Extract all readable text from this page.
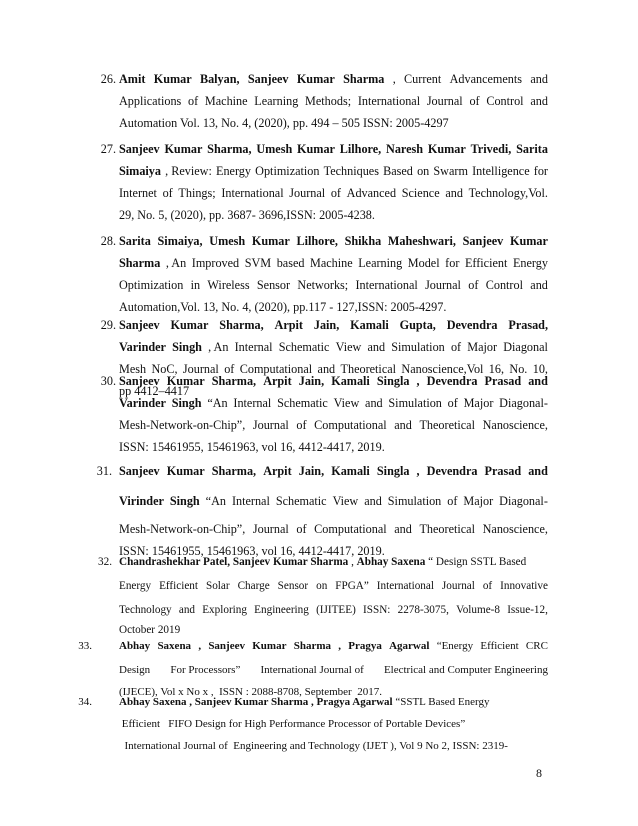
26. Amit Kumar Balyan, Sanjeev Kumar Sharma , Current Advancements and
Applications of Machine Learning Methods; International Journal of Control and
Automation Vol. 13, No. 4, (2020), pp. 494 – 505 ISSN: 2005-4297
27. Sanjeev Kumar Sharma, Umesh Kumar Lilhore, Naresh Kumar Trivedi, Sarita
Simaiya , Review: Energy Optimization Techniques Based on Swarm Intelligence for
Internet of Things; International Journal of Advanced Science and Technology,Vol.
29, No. 5, (2020), pp. 3687- 3696,ISSN: 2005-4238.
28. Sarita Simaiya, Umesh Kumar Lilhore, Shikha Maheshwari, Sanjeev Kumar
Sharma , An Improved SVM based Machine Learning Model for Efficient Energy
Optimization in Wireless Sensor Networks; International Journal of Control and
Automation,Vol. 13, No. 4, (2020), pp.117 - 127,ISSN: 2005-4297.
29. Sanjeev Kumar Sharma, Arpit Jain, Kamali Gupta, Devendra Prasad,
Varinder Singh , An Internal Schematic View and Simulation of Major Diagonal
Mesh NoC, Journal of Computational and Theoretical Nanoscience,Vol 16, No. 10,
pp 4412–4417
30. Sanjeev Kumar Sharma, Arpit Jain, Kamali Singla , Devendra Prasad and
Varinder Singh “An Internal Schematic View and Simulation of Major Diagonal-
Mesh-Network-on-Chip”, Journal of Computational and Theoretical Nanoscience,
ISSN: 15461955, 15461963, vol 16, 4412-4417, 2019.
31. Sanjeev Kumar Sharma, Arpit Jain, Kamali Singla , Devendra Prasad and
Virinder Singh “An Internal Schematic View and Simulation of Major Diagonal-
Mesh-Network-on-Chip”, Journal of Computational and Theoretical Nanoscience,
ISSN: 15461955, 15461963, vol 16, 4412-4417, 2019.
32. Chandrashekhar Patel, Sanjeev Kumar Sharma , Abhay Saxena “ Design SSTL Based
Energy Efficient Solar Charge Sensor on FPGA” International Journal of Innovative
Technology and Exploring Engineering (IJITEE) ISSN: 2278-3075, Volume-8 Issue-12,
October 2019
33. Abhay Saxena , Sanjeev Kumar Sharma , Pragya Agarwal “Energy Efficient CRC
Design For Processors” International Journal of Electrical and Computer Engineering
(IJECE), Vol x No x ,  ISSN : 2088-8708, September  2017.
34. Abhay Saxena , Sanjeev Kumar Sharma , Pragya Agarwal “SSTL Based Energy
Efficient   FIFO Design for High Performance Processor of Portable Devices”
International Journal of  Engineering and Technology (IJET ), Vol 9 No 2, ISSN: 2319-
8
